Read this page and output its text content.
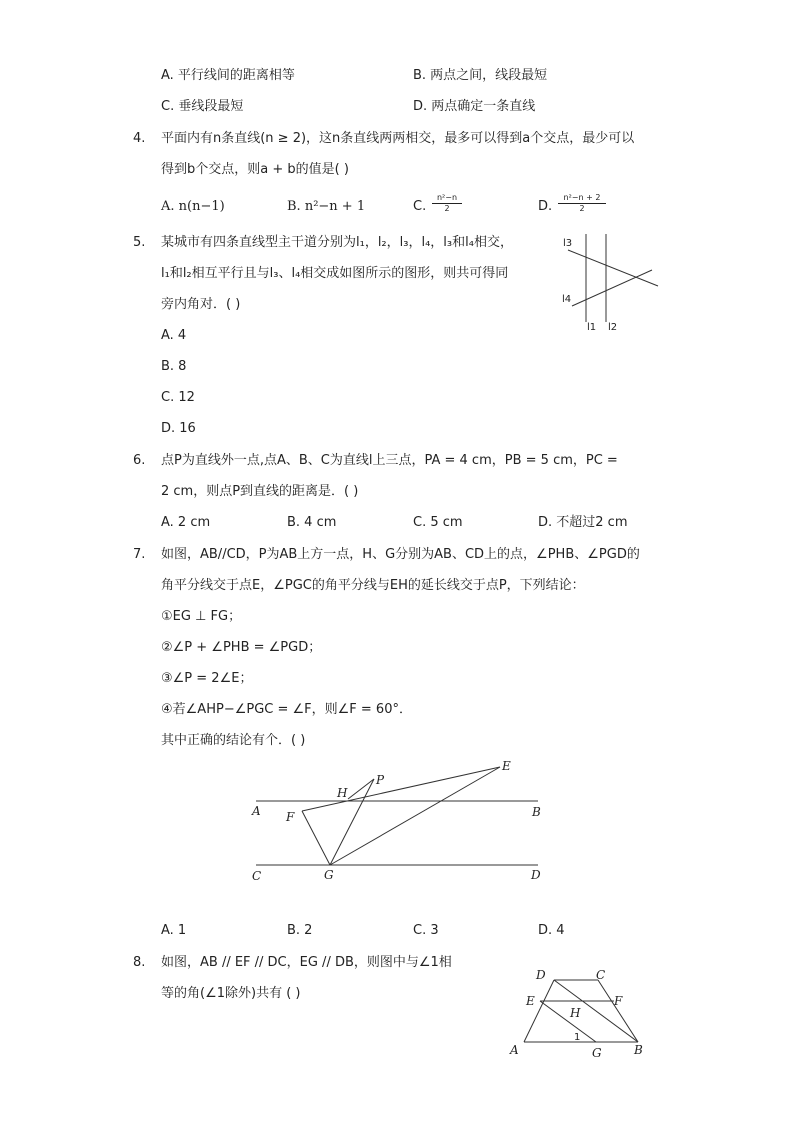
A. 平行线间的距离相等	B. 两点之间，线段最短
C. 垂线段最短	D. 两点确定一条直线
4. 平面内有n条直线(n ≥ 2)，这n条直线两两相交，最多可以得到a个交点，最少可以
得到b个交点，则a + b的值是( )
A. n(n−1)	B. n²−n + 1	C. $\frac{\text{n²−n}}{2}$	D. $\frac{\text{n²−n + 2}}{2}$
5. 某城市有四条直线型主干道分别为l₁，l₂，l₃，l₄，l₃和l₄相交，
l₁和l₂相互平行且与l₃、l₄相交成如图所示的图形，则共可得同
旁内角对．( )
A. 4
B. 8
C. 12
D. 16
l3
l4
l1 l2
6. 点P为直线外一点,点A、B、C为直线l上三点，PA = 4 cm，PB = 5 cm，PC =
2 cm，则点P到直线的距离是．( )
A. 2 cm	B. 4 cm	C. 5 cm	D. 不超过2 cm
7. 如图，AB//CD，P为AB上方一点，H、G分别为AB、CD上的点，∠PHB、∠PGD的
角平分线交于点E，∠PGC的角平分线与EH的延长线交于点P，下列结论：
①EG ⊥ FG；
②∠P + ∠PHB = ∠PGD；
③∠P = 2∠E；
④若∠AHP−∠PGC = ∠F，则∠F = 60°．
其中正确的结论有个．( )
A	B
C	D
E
F
G
H
P
A. 1	B. 2	C. 3	D. 4
8. 如图，AB // EF // DC，EG // DB，则图中与∠1相
等的角(∠1除外)共有 ( )
D	C
E	F
H
1
A	G	B
